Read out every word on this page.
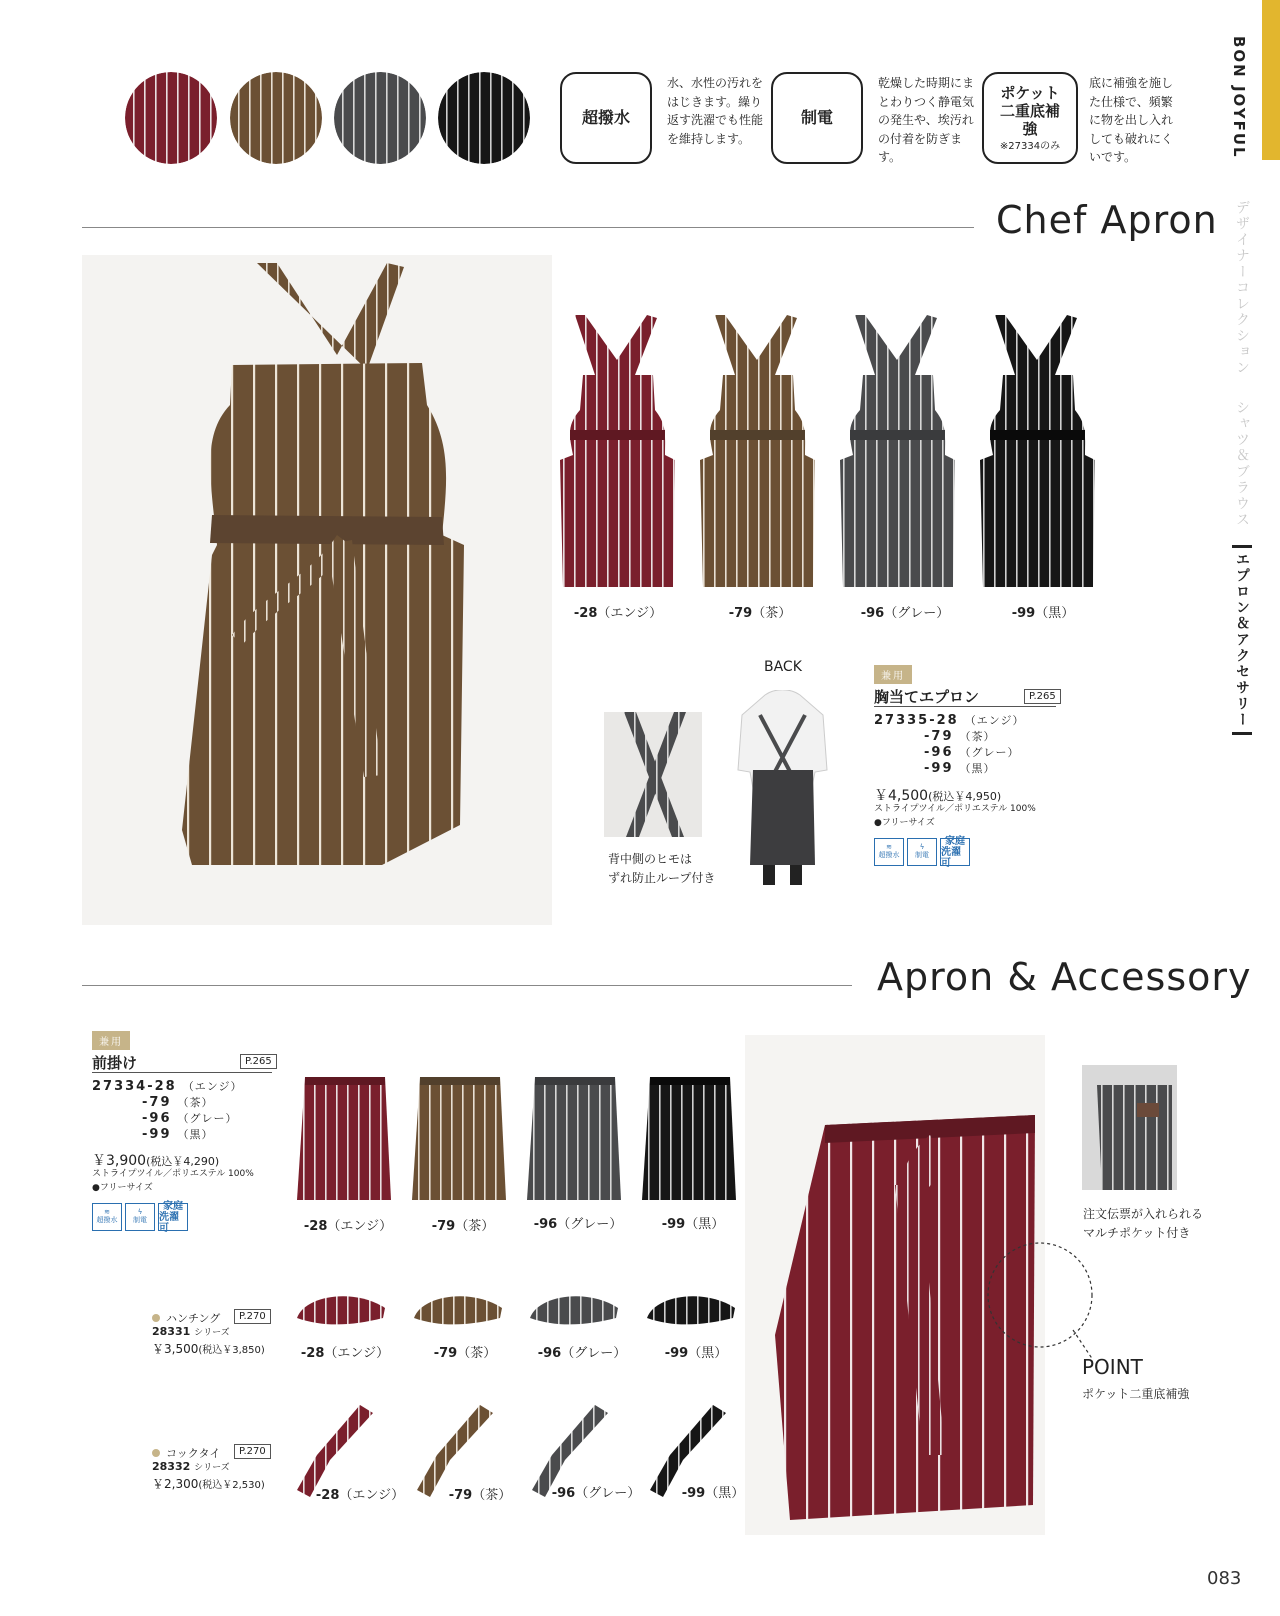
BON JOYFUL
デザイナーコレクション
シャツ＆ブラウス
エプロン＆アクセサリー
超撥水
水、水性の汚れをはじきます。繰り返す洗濯でも性能を維持します。
制電
乾燥した時期にまとわりつく静電気の発生や、埃汚れの付着を防ぎます。
ポケット二重底補強
※27334のみ
底に補強を施した仕様で、頻繁に物を出し入れしても破れにくいです。
Chef Apron
-28（エンジ）	-79（茶）	-96（グレー）	-99（黒）
背中側のヒモは
ずれ防止ループ付き
BACK
兼用
胸当てエプロン	P.265
27335-28 （エンジ）
-79 （茶）
-96 （グレー）
-99 （黒）
￥4,500(税込￥4,950)
ストライプツイル／ポリエステル 100%
●フリーサイズ
≋
超撥水
ϟ
制電
家庭
洗濯可
Apron & Accessory
兼用
前掛け	P.265
27334-28 （エンジ）
-79 （茶）
-96 （グレー）
-99 （黒）
￥3,900(税込￥4,290)
ストライプツイル／ポリエステル 100%
●フリーサイズ
≋
超撥水
ϟ
制電
家庭
洗濯可	-28（エンジ）	-79（茶）	-96（グレー）	-99（黒）
ハンチング	P.270
28331 シリーズ
￥3,500(税込￥3,850)	-28（エンジ）	-79（茶）	-96（グレー）	-99（黒）
コックタイ	P.270
28332 シリーズ
￥2,300(税込￥2,530)
-28（エンジ）	-79（茶）	-96（グレー）	-99（黒）
注文伝票が入れられる
マルチポケット付き
POINT
ポケット二重底補強
083
